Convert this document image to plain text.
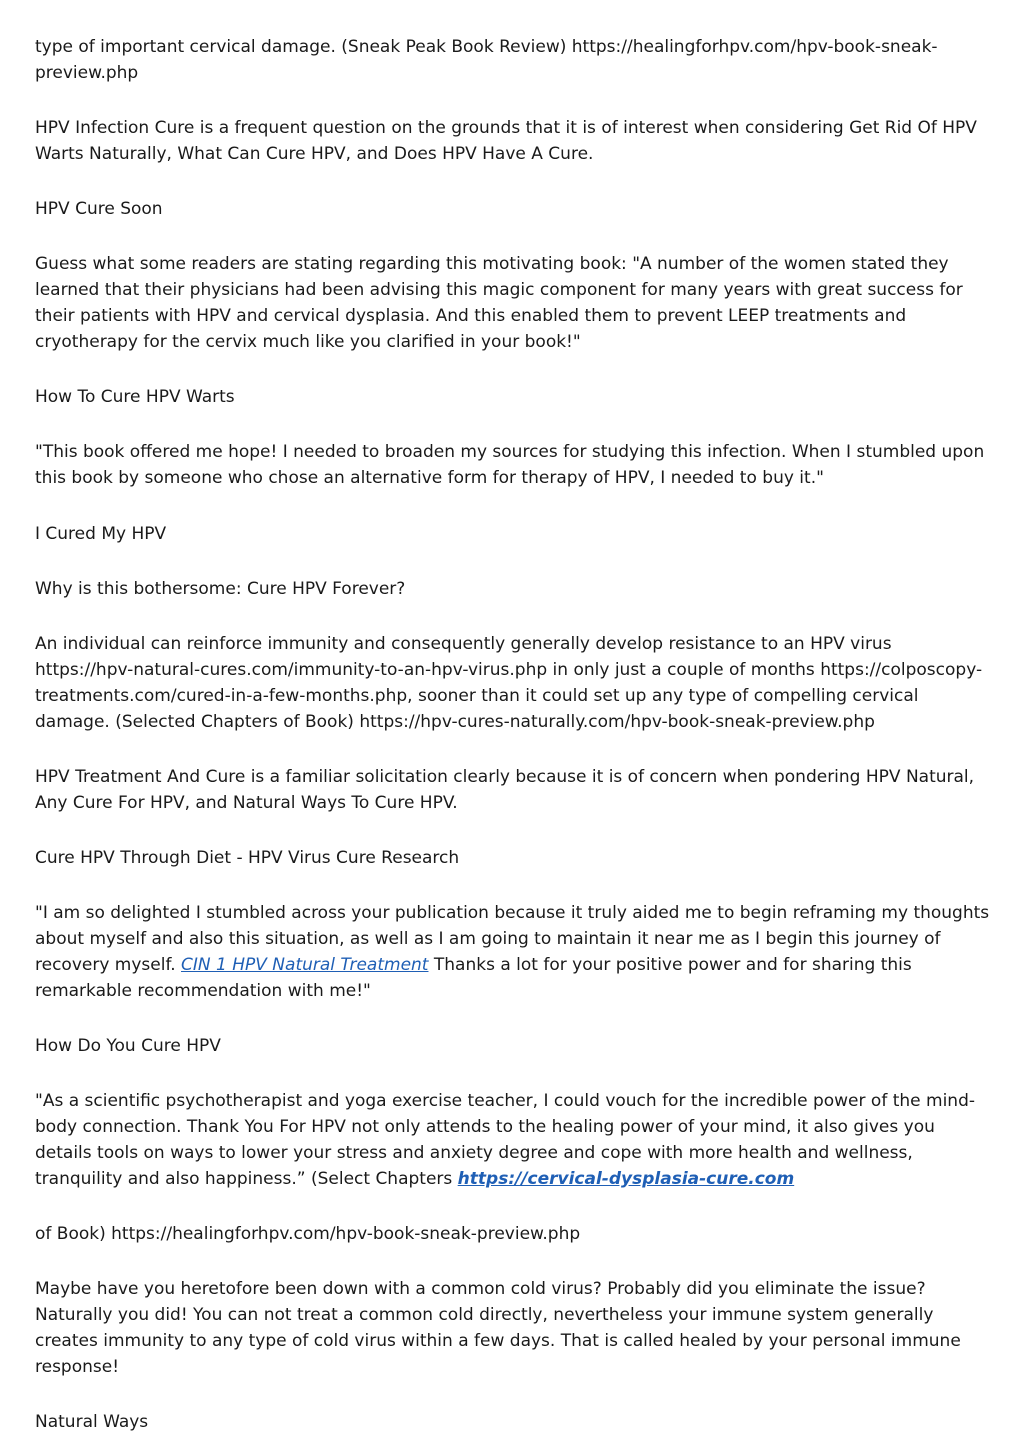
type of important cervical damage. (Sneak Peak Book Review) https://healingforhpv.com/hpv-book-sneak-preview.php

HPV Infection Cure is a frequent question on the grounds that it is of interest when considering Get Rid Of HPV Warts Naturally, What Can Cure HPV, and Does HPV Have A Cure.

HPV Cure Soon

Guess what some readers are stating regarding this motivating book: "A number of the women stated they learned that their physicians had been advising this magic component for many years with great success for their patients with HPV and cervical dysplasia. And this enabled them to prevent LEEP treatments and cryotherapy for the cervix much like you clarified in your book!"

How To Cure HPV Warts

"This book offered me hope! I needed to broaden my sources for studying this infection. When I stumbled upon this book by someone who chose an alternative form for therapy of HPV, I needed to buy it."

I Cured My HPV

Why is this bothersome: Cure HPV Forever?

An individual can reinforce immunity and consequently generally develop resistance to an HPV virus https://hpv-natural-cures.com/immunity-to-an-hpv-virus.php in only just a couple of months https://colposcopy-treatments.com/cured-in-a-few-months.php, sooner than it could set up any type of compelling cervical damage. (Selected Chapters of Book) https://hpv-cures-naturally.com/hpv-book-sneak-preview.php

HPV Treatment And Cure is a familiar solicitation clearly because it is of concern when pondering HPV Natural, Any Cure For HPV, and Natural Ways To Cure HPV.

Cure HPV Through Diet - HPV Virus Cure Research

"I am so delighted I stumbled across your publication because it truly aided me to begin reframing my thoughts about myself and also this situation, as well as I am going to maintain it near me as I begin this journey of recovery myself. CIN 1 HPV Natural Treatment Thanks a lot for your positive power and for sharing this remarkable recommendation with me!"

How Do You Cure HPV

"As a scientific psychotherapist and yoga exercise teacher, I could vouch for the incredible power of the mind-body connection. Thank You For HPV not only attends to the healing power of your mind, it also gives you details tools on ways to lower your stress and anxiety degree and cope with more health and wellness, tranquility and also happiness.” (Select Chapters https://cervical-dysplasia-cure.com

of Book) https://healingforhpv.com/hpv-book-sneak-preview.php

Maybe have you heretofore been down with a common cold virus? Probably did you eliminate the issue? Naturally you did! You can not treat a common cold directly, nevertheless your immune system generally creates immunity to any type of cold virus within a few days. That is called healed by your personal immune response!

Natural Ways
